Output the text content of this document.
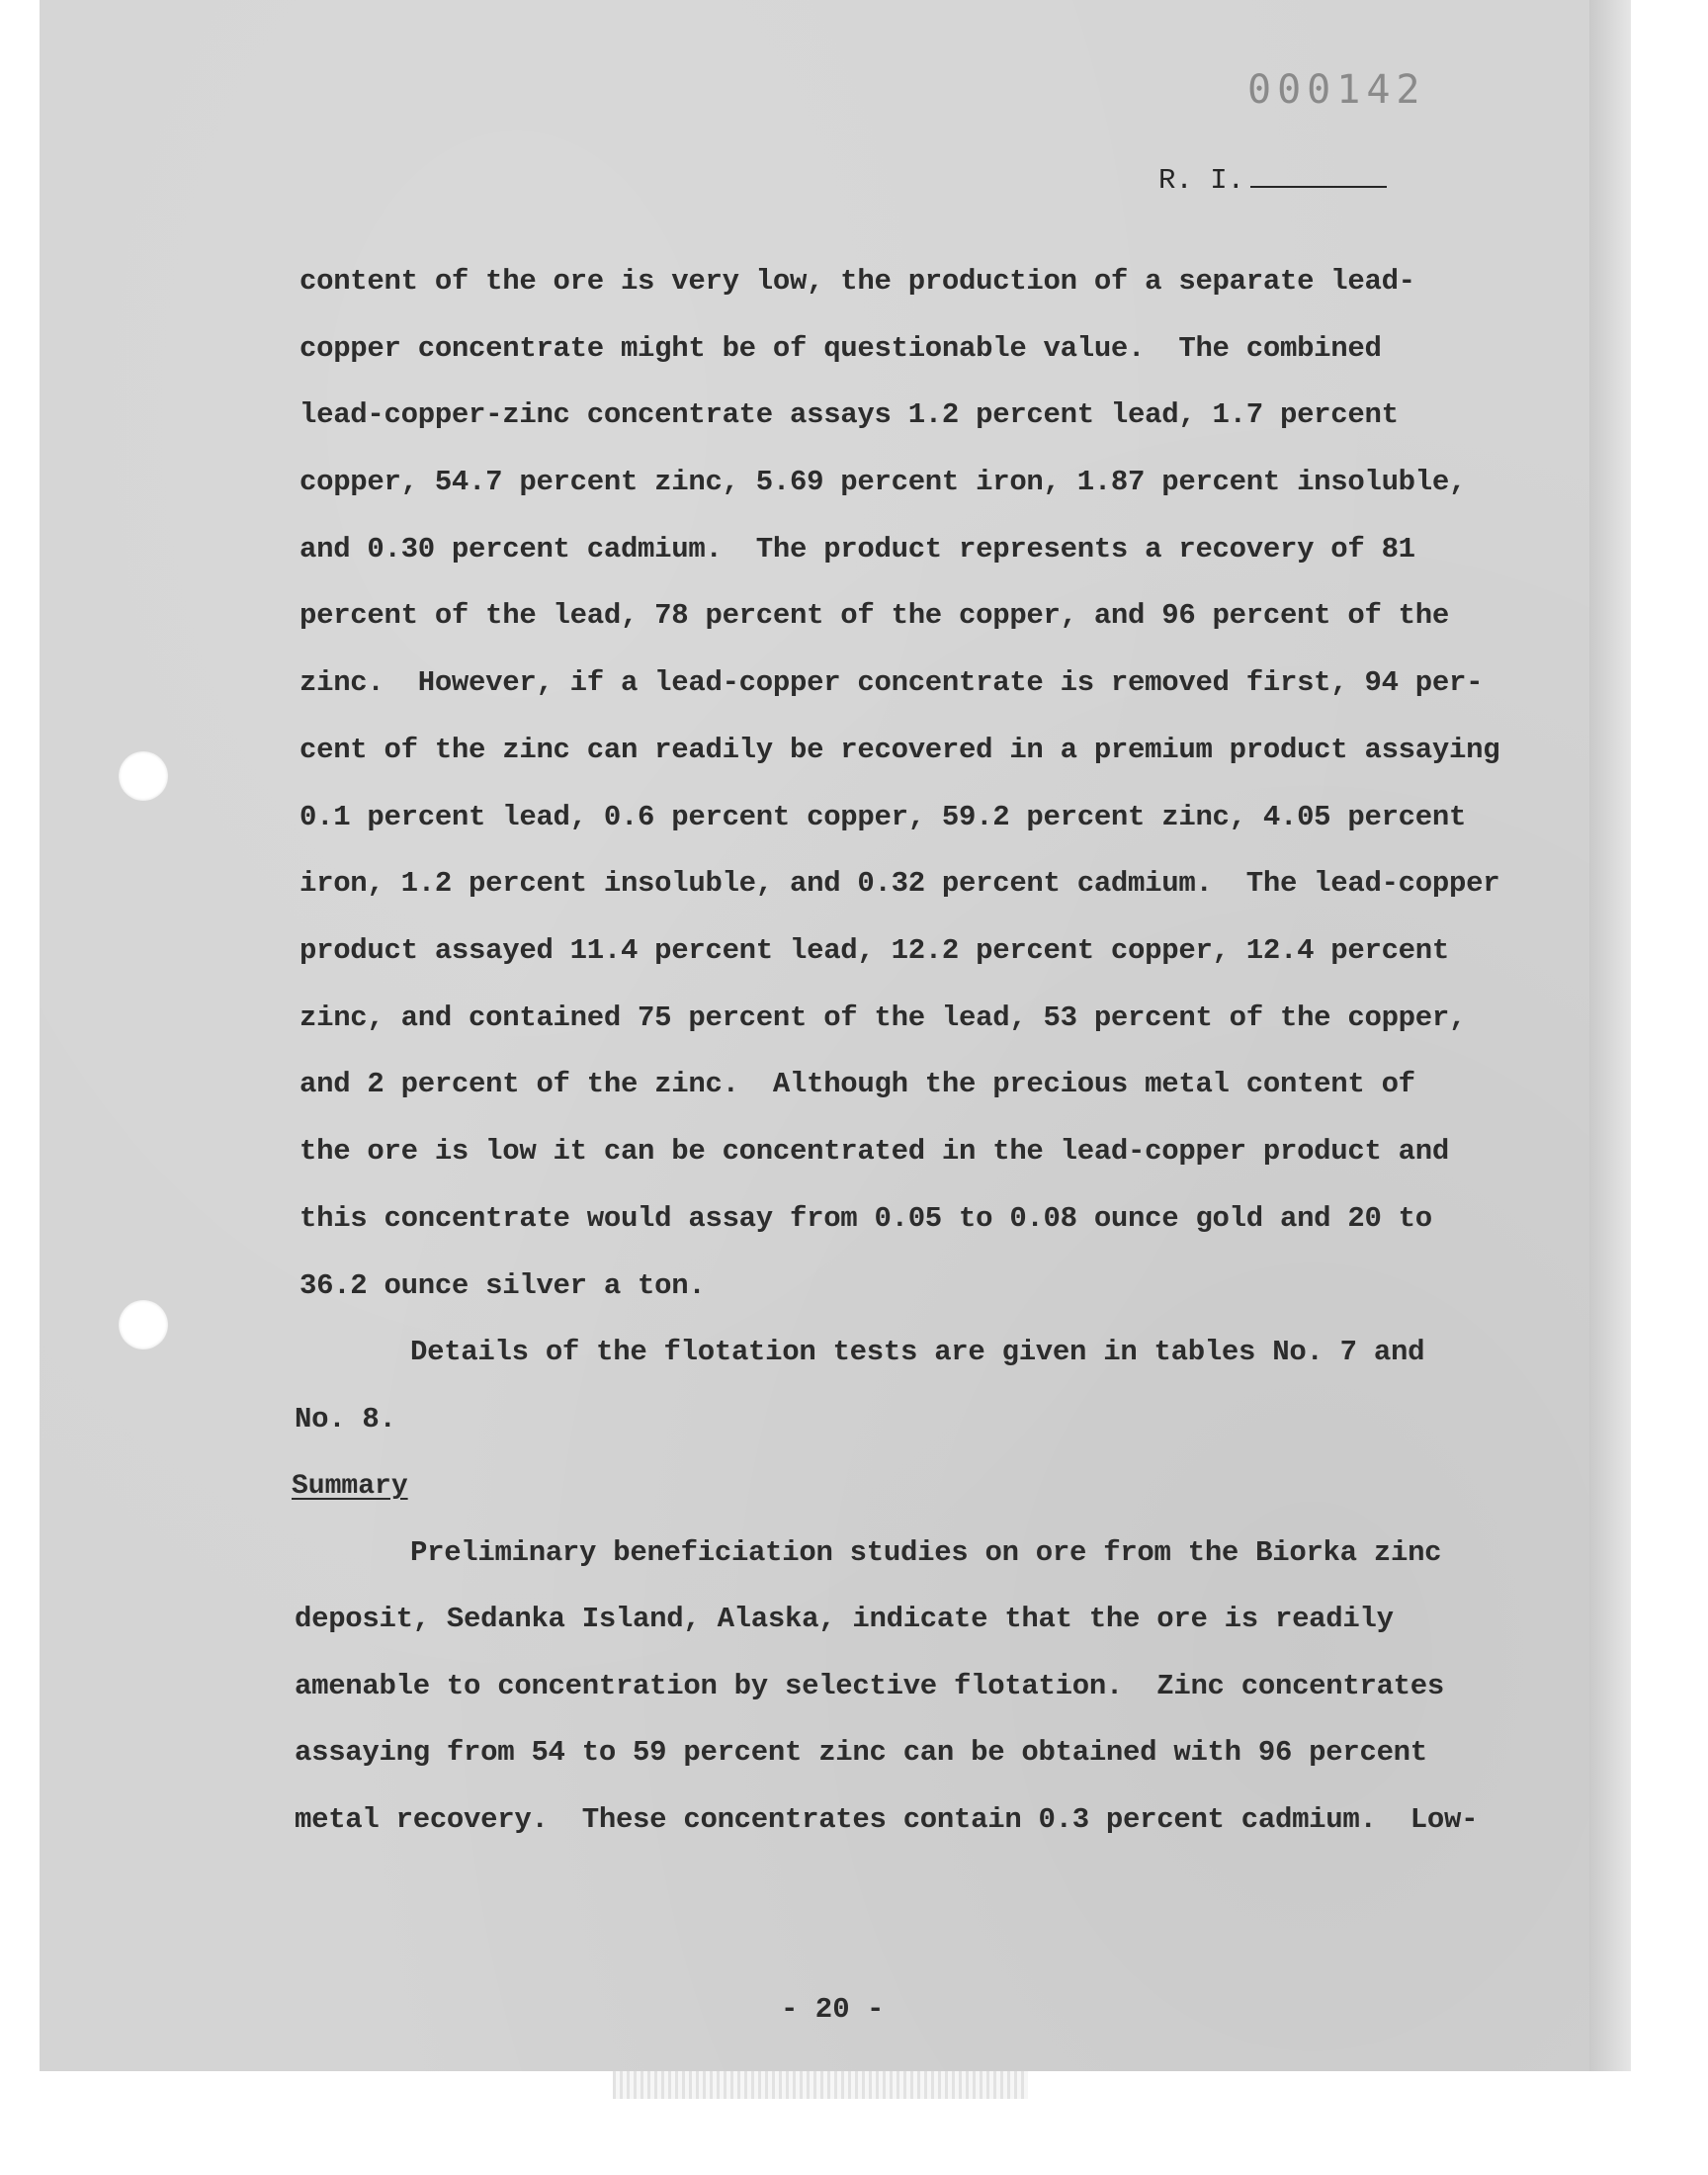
000142
R. I.
content of the ore is very low, the production of a separate lead-
copper concentrate might be of questionable value.  The combined
lead-copper-zinc concentrate assays 1.2 percent lead, 1.7 percent
copper, 54.7 percent zinc, 5.69 percent iron, 1.87 percent insoluble,
and 0.30 percent cadmium.  The product represents a recovery of 81
percent of the lead, 78 percent of the copper, and 96 percent of the
zinc.  However, if a lead-copper concentrate is removed first, 94 per-
cent of the zinc can readily be recovered in a premium product assaying
0.1 percent lead, 0.6 percent copper, 59.2 percent zinc, 4.05 percent
iron, 1.2 percent insoluble, and 0.32 percent cadmium.  The lead-copper
product assayed 11.4 percent lead, 12.2 percent copper, 12.4 percent
zinc, and contained 75 percent of the lead, 53 percent of the copper,
and 2 percent of the zinc.  Although the precious metal content of
the ore is low it can be concentrated in the lead-copper product and
this concentrate would assay from 0.05 to 0.08 ounce gold and 20 to
36.2 ounce silver a ton.
Details of the flotation tests are given in tables No. 7 and
No. 8.
Summary
Preliminary beneficiation studies on ore from the Biorka zinc
deposit, Sedanka Island, Alaska, indicate that the ore is readily
amenable to concentration by selective flotation.  Zinc concentrates
assaying from 54 to 59 percent zinc can be obtained with 96 percent
metal recovery.  These concentrates contain 0.3 percent cadmium.  Low-
- 20 -
